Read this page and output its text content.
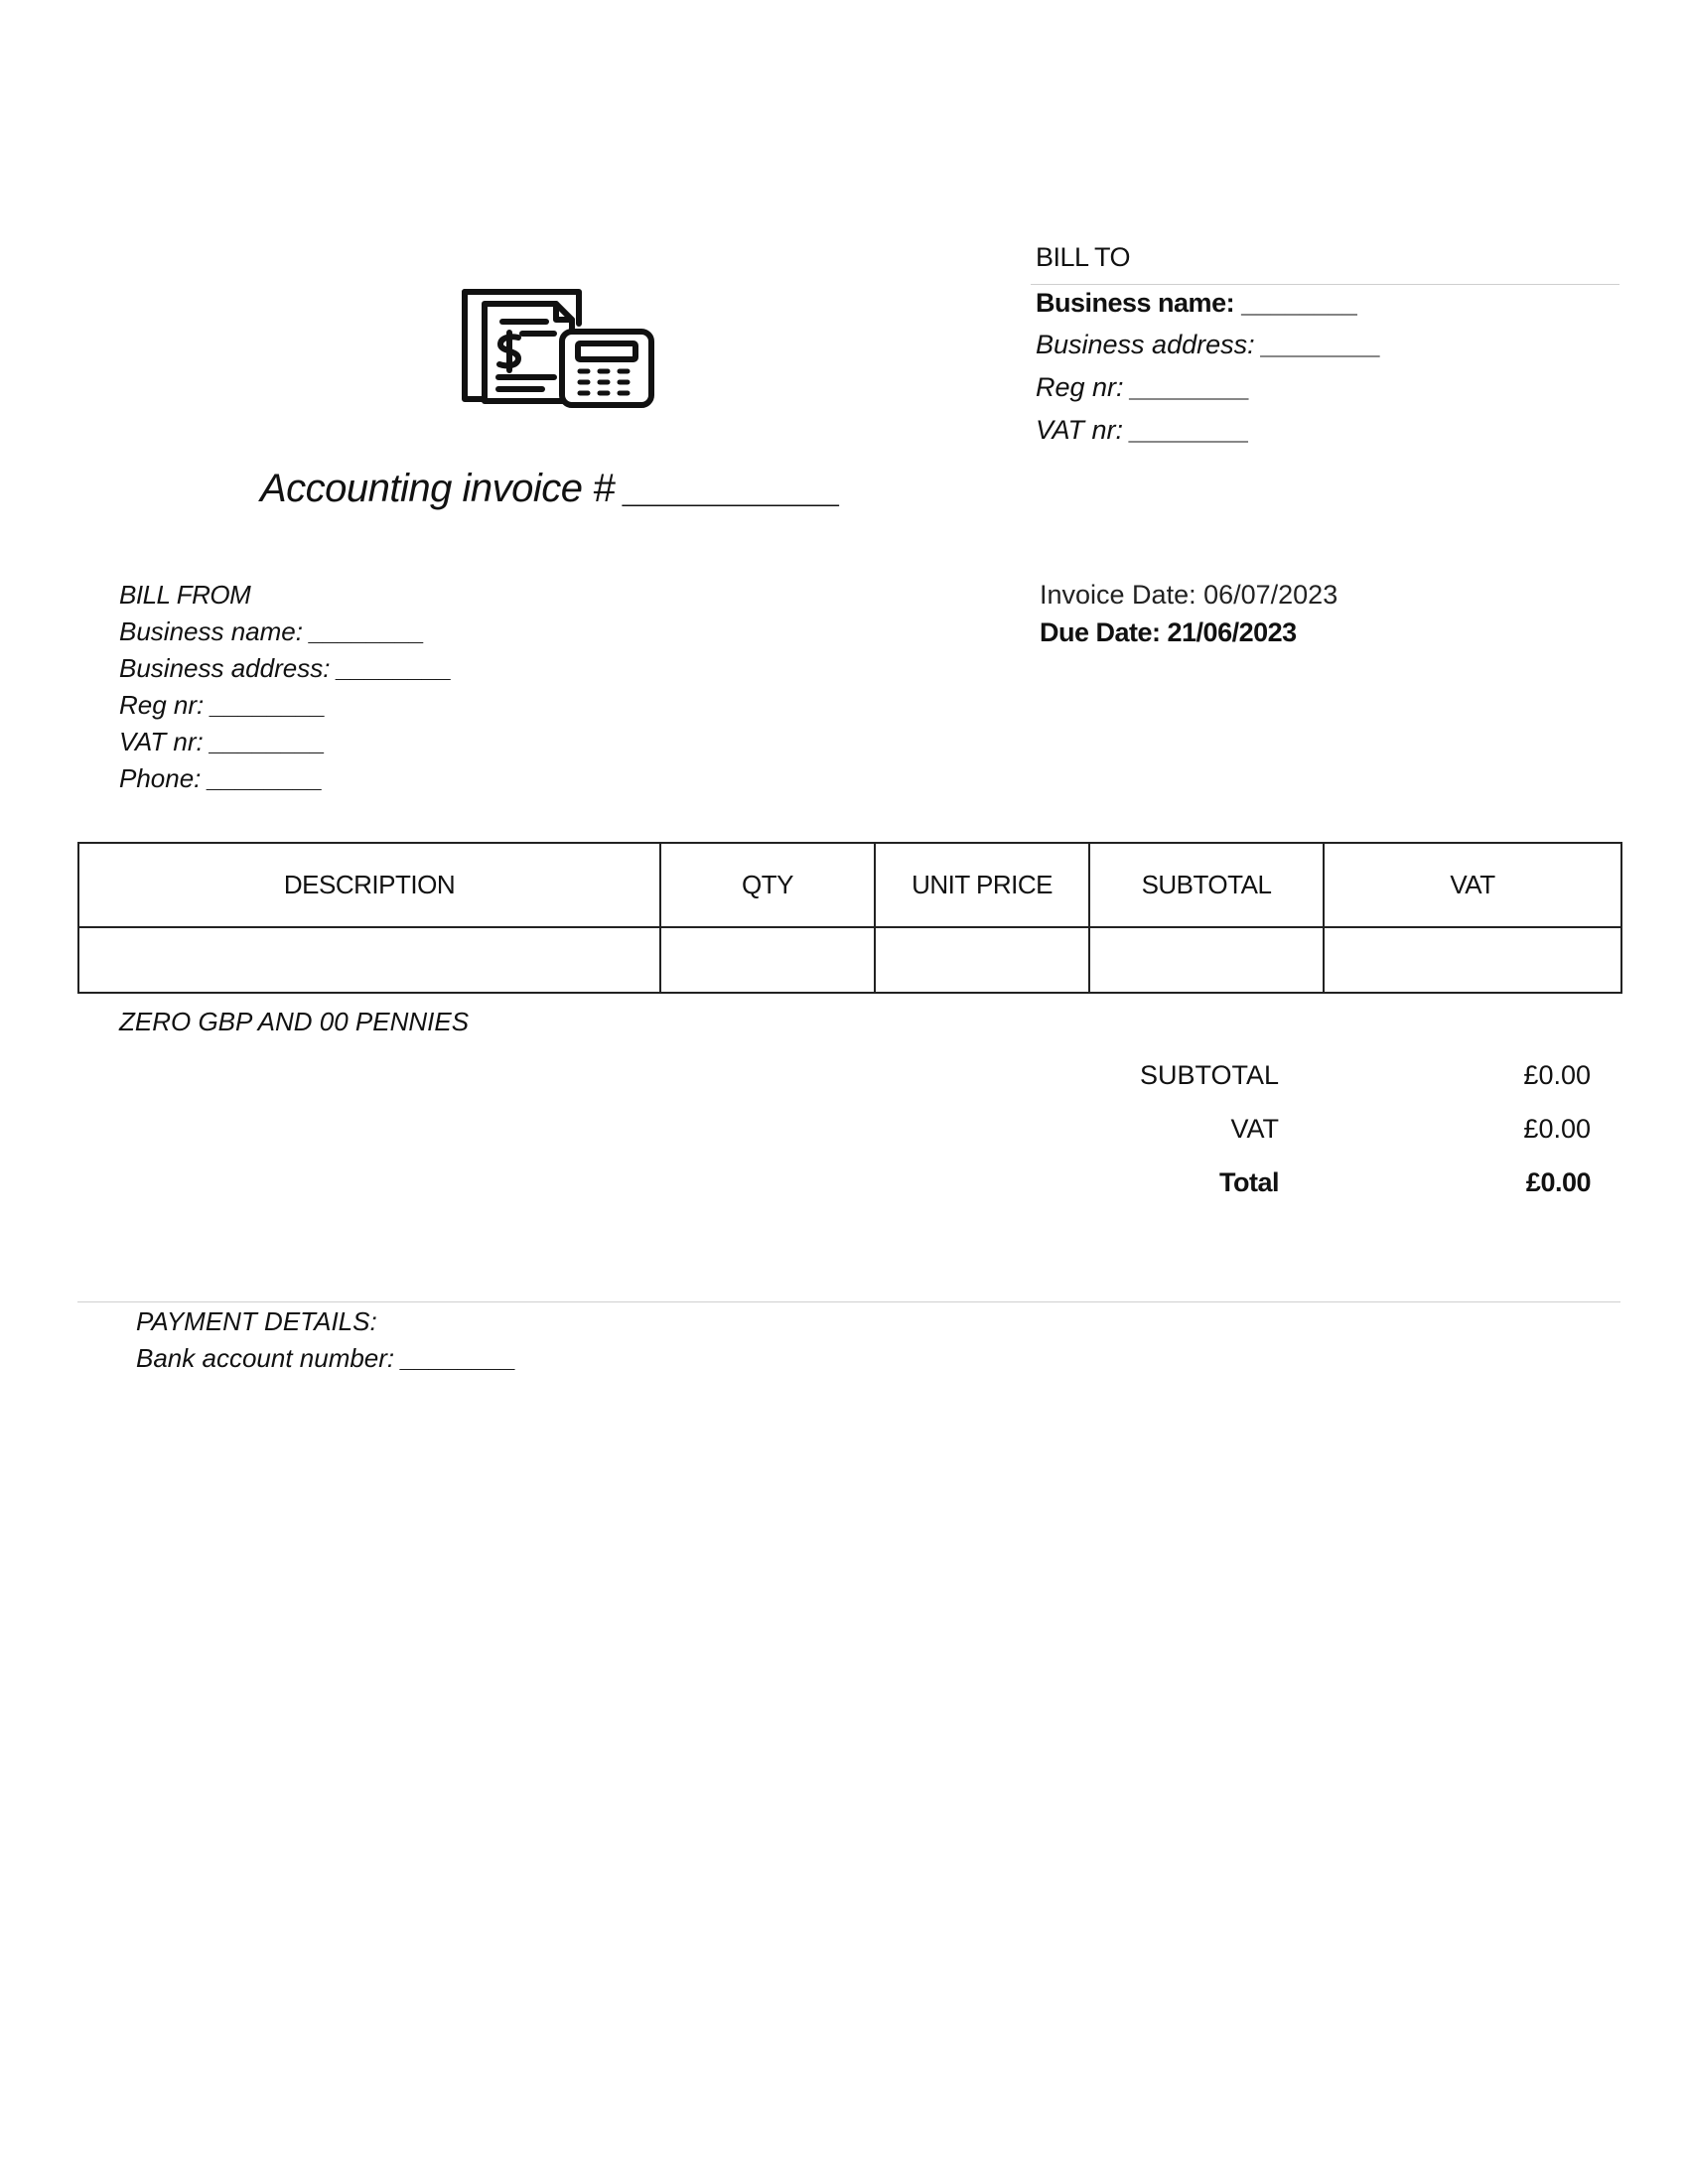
Accounting invoice # __________
BILL TO
Business name: ________
Business address: ________
Reg nr: ________
VAT nr: ________
BILL FROM
Business name: ________
Business address: ________
Reg nr: ________
VAT nr: ________
Phone: ________
Invoice Date: 06/07/2023
Due Date: 21/06/2023
DESCRIPTION	QTY	UNIT PRICE	SUBTOTAL	VAT

ZERO GBP AND 00 PENNIES
SUBTOTAL	£0.00
VAT	£0.00
Total	£0.00
PAYMENT DETAILS:
Bank account number: ________
